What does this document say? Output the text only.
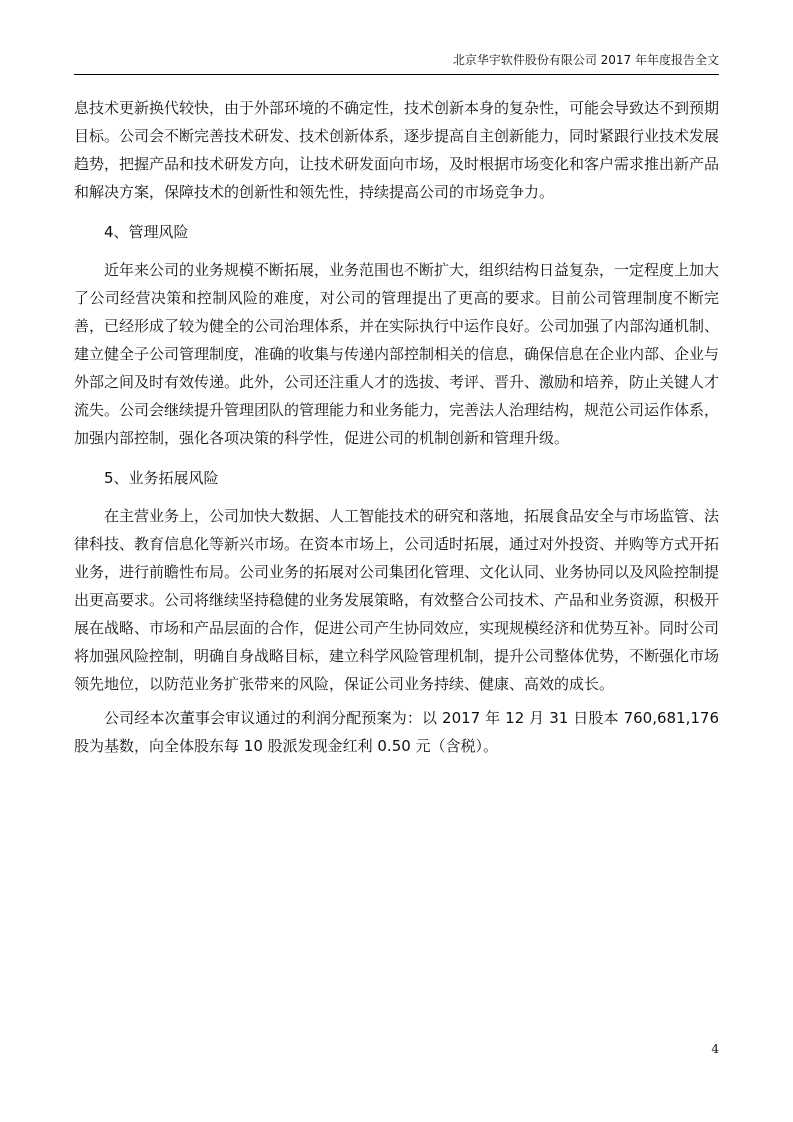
北京华宇软件股份有限公司 2017 年年度报告全文

息技术更新换代较快，由于外部环境的不确定性，技术创新本身的复杂性，可能会导致达不到预期目标。公司会不断完善技术研发、技术创新体系，逐步提高自主创新能力，同时紧跟行业技术发展趋势，把握产品和技术研发方向，让技术研发面向市场，及时根据市场变化和客户需求推出新产品和解决方案，保障技术的创新性和领先性，持续提高公司的市场竞争力。

4、管理风险

近年来公司的业务规模不断拓展，业务范围也不断扩大，组织结构日益复杂，一定程度上加大了公司经营决策和控制风险的难度，对公司的管理提出了更高的要求。目前公司管理制度不断完善，已经形成了较为健全的公司治理体系，并在实际执行中运作良好。公司加强了内部沟通机制、建立健全子公司管理制度，准确的收集与传递内部控制相关的信息，确保信息在企业内部、企业与外部之间及时有效传递。此外，公司还注重人才的选拔、考评、晋升、激励和培养，防止关键人才流失。公司会继续提升管理团队的管理能力和业务能力，完善法人治理结构，规范公司运作体系，加强内部控制，强化各项决策的科学性，促进公司的机制创新和管理升级。

5、业务拓展风险

在主营业务上，公司加快大数据、人工智能技术的研究和落地，拓展食品安全与市场监管、法律科技、教育信息化等新兴市场。在资本市场上，公司适时拓展，通过对外投资、并购等方式开拓业务，进行前瞻性布局。公司业务的拓展对公司集团化管理、文化认同、业务协同以及风险控制提出更高要求。公司将继续坚持稳健的业务发展策略，有效整合公司技术、产品和业务资源，积极开展在战略、市场和产品层面的合作，促进公司产生协同效应，实现规模经济和优势互补。同时公司将加强风险控制，明确自身战略目标，建立科学风险管理机制，提升公司整体优势，不断强化市场领先地位，以防范业务扩张带来的风险，保证公司业务持续、健康、高效的成长。

公司经本次董事会审议通过的利润分配预案为：以 2017 年 12 月 31 日股本 760,681,176 股为基数，向全体股东每 10 股派发现金红利 0.50 元（含税）。

4
